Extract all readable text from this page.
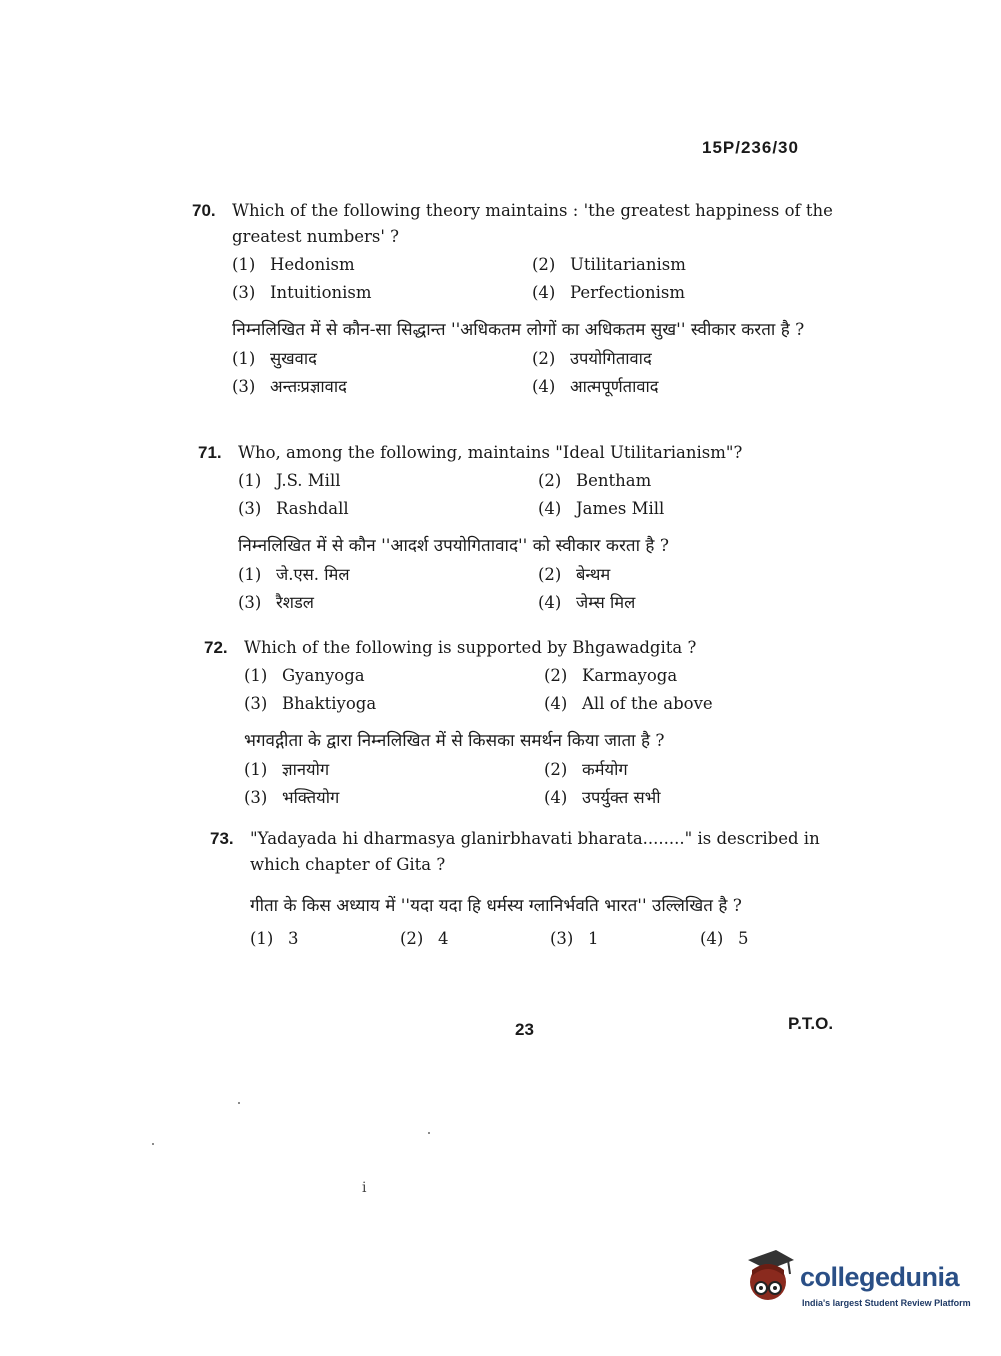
15P/236/30
70. Which of the following theory maintains : 'the greatest happiness of the greatest numbers' ?
(1) Hedonism	(2) Utilitarianism
(3) Intuitionism	(4) Perfectionism
निम्नलिखित में से कौन-सा सिद्धान्त ''अधिकतम लोगों का अधिकतम सुख'' स्वीकार करता है ?
(1) सुखवाद	(2) उपयोगितावाद
(3) अन्तःप्रज्ञावाद	(4) आत्मपूर्णतावाद
71. Who, among the following, maintains "Ideal Utilitarianism"?
(1) J.S. Mill	(2) Bentham
(3) Rashdall	(4) James Mill
निम्नलिखित में से कौन ''आदर्श उपयोगितावाद'' को स्वीकार करता है ?
(1) जे.एस. मिल	(2) बेन्थम
(3) रैशडल	(4) जेम्स मिल
72. Which of the following is supported by Bhgawadgita ?
(1) Gyanyoga	(2) Karmayoga
(3) Bhaktiyoga	(4) All of the above
भगवद्गीता के द्वारा निम्नलिखित में से किसका समर्थन किया जाता है ?
(1) ज्ञानयोग	(2) कर्मयोग
(3) भक्तियोग	(4) उपर्युक्त सभी
73. "Yadayada hi dharmasya glanirbhavati bharata........" is described in which chapter of Gita ?
गीता के किस अध्याय में ''यदा यदा हि धर्मस्य ग्लानिर्भवति भारत'' उल्लिखित है ?
(1) 3	(2) 4	(3) 1	(4) 5
23	P.T.O.
i
collegedunia
India's largest Student Review Platform
